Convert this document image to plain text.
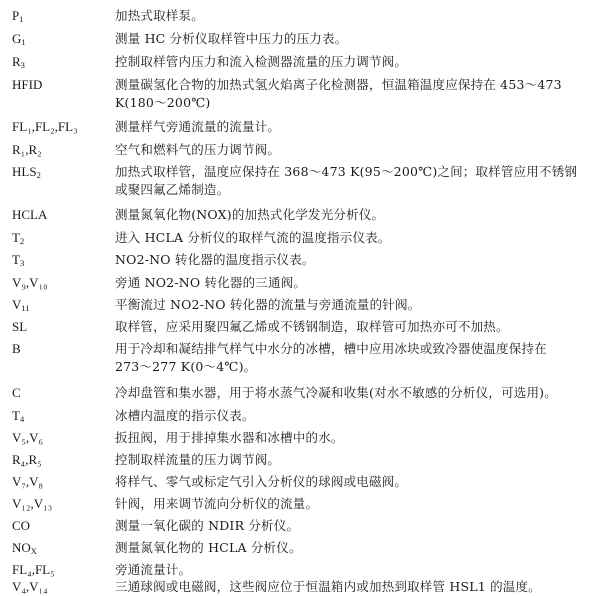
$P_1$	加热式取样泵。
$G_1$	测量 HC 分析仪取样管中压力的压力表。
$R_3$	控制取样管内压力和流入检测器流量的压力调节阀。
HFID	测量碳氢化合物的加热式氢火焰离子化检测器，恒温箱温度应保持在 453～473
K(180～200℃)
FL₁,FL₂,FL₃	测量样气旁通流量的流量计。
R₁,R₂	空气和燃料气的压力调节阀。
$HLS_2$	加热式取样管，温度应保持在 368～473 K(95～200℃)之间；取样管应用不锈钢
或聚四氟乙烯制造。
HCLA	测量氮氧化物(NOX)的加热式化学发光分析仪。
$T_2$	进入 HCLA 分析仪的取样气流的温度指示仪表。
$T_3$	NO2-NO 转化器的温度指示仪表。
V₉,V₁₀	旁通 NO2-NO 转化器的三通阀。
$V_{11}$	平衡流过 NO2-NO 转化器的流量与旁通流量的针阀。
SL	取样管，应采用聚四氟乙烯或不锈钢制造，取样管可加热亦可不加热。
B	用于冷却和凝结排气样气中水分的冰槽，槽中应用冰块或致冷器使温度保持在
273～277 K(0～4℃)。
C	冷却盘管和集水器，用于将水蒸气冷凝和收集(对水不敏感的分析仪，可选用)。
$T_4$	冰槽内温度的指示仪表。
V₅,V₆	扳扭阀，用于排掉集水器和冰槽中的水。
R₄,R₅	控制取样流量的压力调节阀。
V₇,V₈	将样气、零气或标定气引入分析仪的球阀或电磁阀。
V₁₂,V₁₃	针阀，用来调节流向分析仪的流量。
CO	测量一氧化碳的 NDIR 分析仪。
$NO_X$	测量氮氧化物的 HCLA 分析仪。
FL₄,FL₅	旁通流量计。
V₄,V₁₄	三通球阀或电磁阀，这些阀应位于恒温箱内或加热到取样管 HSL1 的温度。
